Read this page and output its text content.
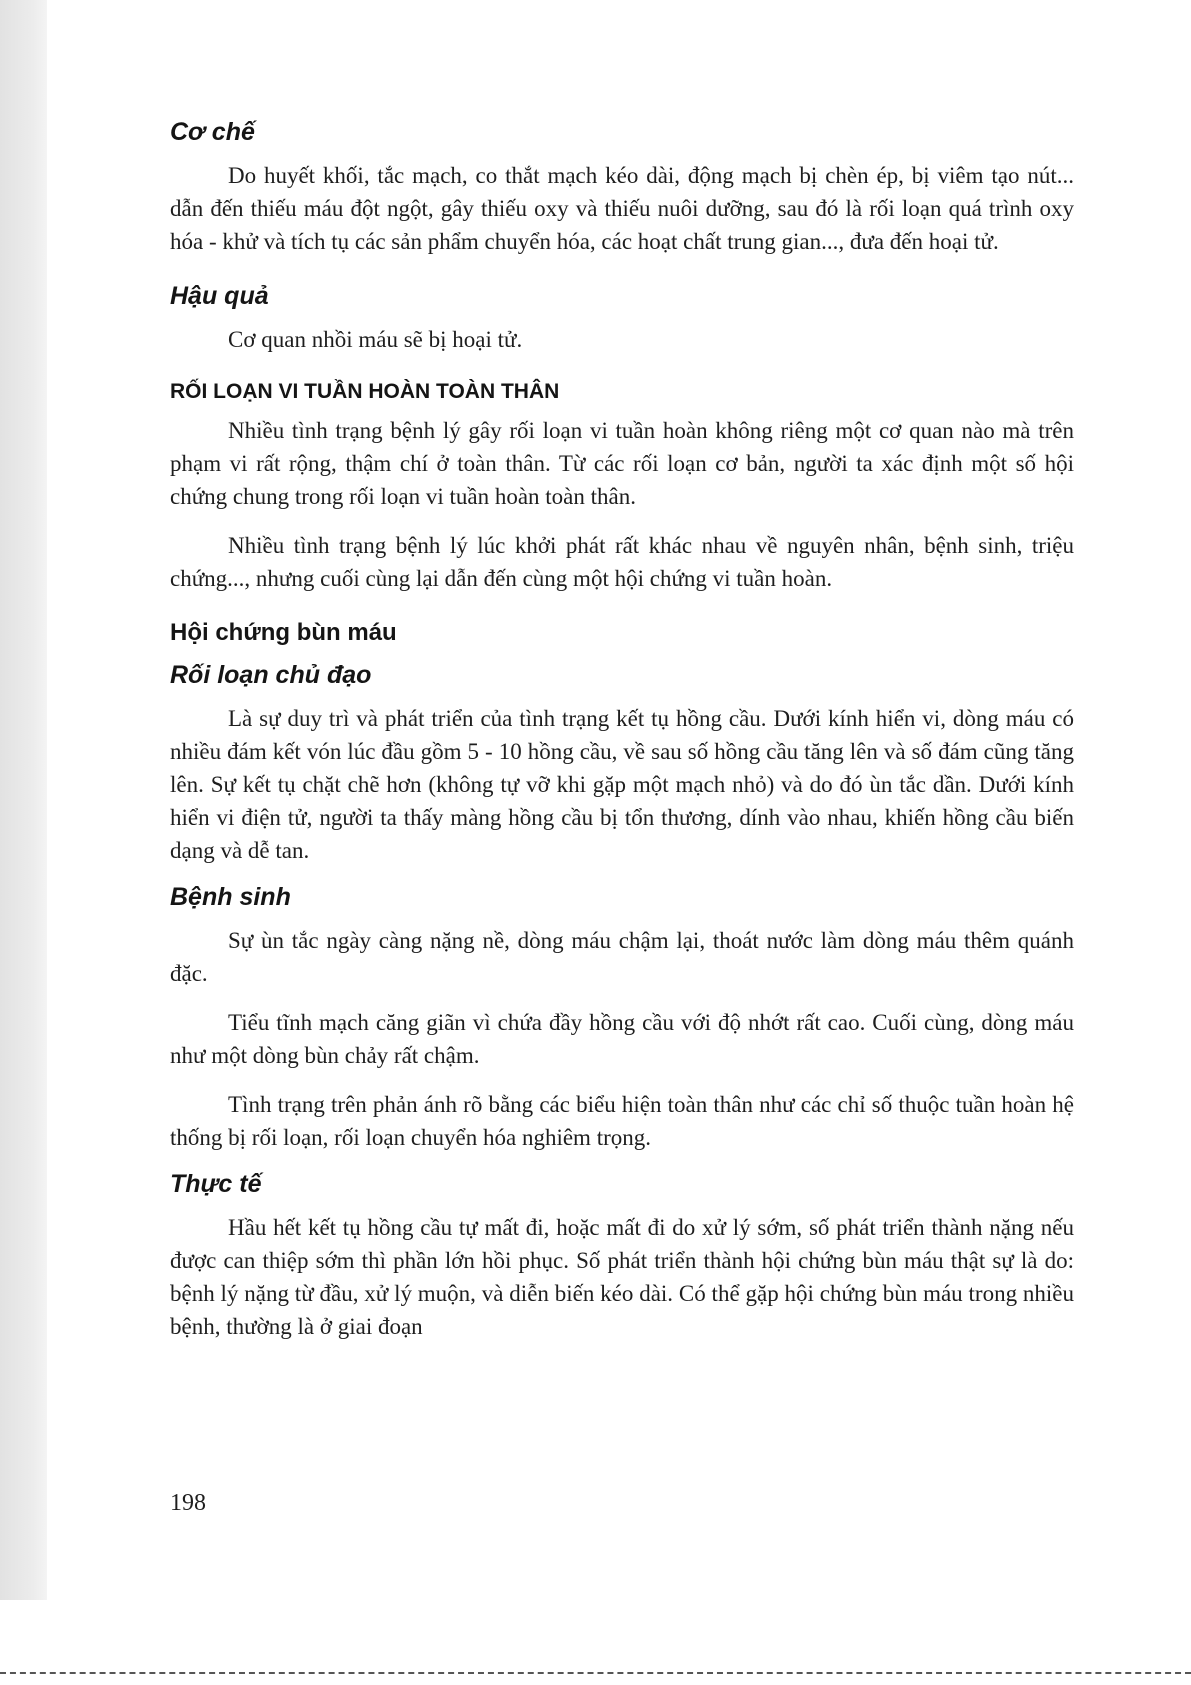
Cơ chế

Do huyết khối, tắc mạch, co thắt mạch kéo dài, động mạch bị chèn ép, bị viêm tạo nút... dẫn đến thiếu máu đột ngột, gây thiếu oxy và thiếu nuôi dưỡng, sau đó là rối loạn quá trình oxy hóa - khử và tích tụ các sản phẩm chuyển hóa, các hoạt chất trung gian..., đưa đến hoại tử.

Hậu quả

Cơ quan nhồi máu sẽ bị hoại tử.

RỐI LOẠN VI TUẦN HOÀN TOÀN THÂN

Nhiều tình trạng bệnh lý gây rối loạn vi tuần hoàn không riêng một cơ quan nào mà trên phạm vi rất rộng, thậm chí ở toàn thân. Từ các rối loạn cơ bản, người ta xác định một số hội chứng chung trong rối loạn vi tuần hoàn toàn thân.

Nhiều tình trạng bệnh lý lúc khởi phát rất khác nhau về nguyên nhân, bệnh sinh, triệu chứng..., nhưng cuối cùng lại dẫn đến cùng một hội chứng vi tuần hoàn.

Hội chứng bùn máu
Rối loạn chủ đạo

Là sự duy trì và phát triển của tình trạng kết tụ hồng cầu. Dưới kính hiển vi, dòng máu có nhiều đám kết vón lúc đầu gồm 5 - 10 hồng cầu, về sau số hồng cầu tăng lên và số đám cũng tăng lên. Sự kết tụ chặt chẽ hơn (không tự vỡ khi gặp một mạch nhỏ) và do đó ùn tắc dần. Dưới kính hiển vi điện tử, người ta thấy màng hồng cầu bị tổn thương, dính vào nhau, khiến hồng cầu biến dạng và dễ tan.

Bệnh sinh

Sự ùn tắc ngày càng nặng nề, dòng máu chậm lại, thoát nước làm dòng máu thêm quánh đặc.

Tiểu tĩnh mạch căng giãn vì chứa đầy hồng cầu với độ nhớt rất cao. Cuối cùng, dòng máu như một dòng bùn chảy rất chậm.

Tình trạng trên phản ánh rõ bằng các biểu hiện toàn thân như các chỉ số thuộc tuần hoàn hệ thống bị rối loạn, rối loạn chuyển hóa nghiêm trọng.

Thực tế

Hầu hết kết tụ hồng cầu tự mất đi, hoặc mất đi do xử lý sớm, số phát triển thành nặng nếu được can thiệp sớm thì phần lớn hồi phục. Số phát triển thành hội chứng bùn máu thật sự là do: bệnh lý nặng từ đầu, xử lý muộn, và diễn biến kéo dài. Có thể gặp hội chứng bùn máu trong nhiều bệnh, thường là ở giai đoạn

198
